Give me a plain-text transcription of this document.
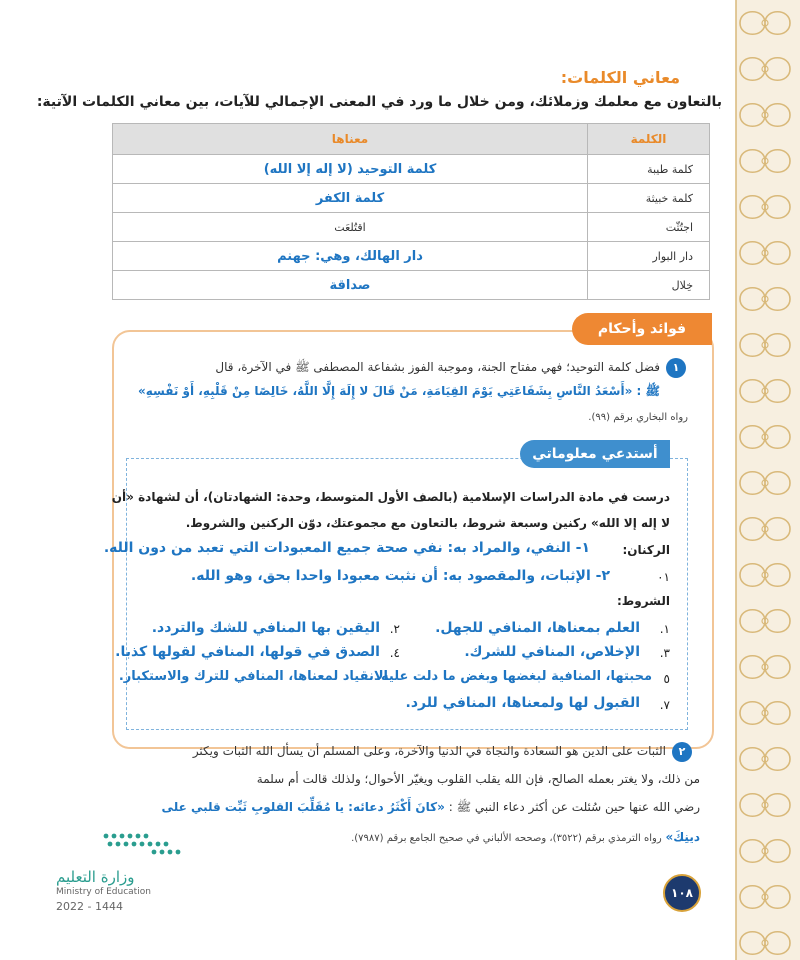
معاني الكلمات:
بالتعاون مع معلمك وزملائك، ومن خلال ما ورد في المعنى الإجمالي للآيات، بين معاني الكلمات الآتية:
الكلمة	معناها
كلمة طيبة	كلمة التوحيد (لا إله إلا الله)
كلمة خبيثة	كلمة الكفر
اجتُثّت	اقتُلعَت
دار البوار	دار الهالك، وهي: جهنم
خِلال	صداقة
فوائد وأحكام
١
فضل كلمة التوحيد؛ فهي مفتاح الجنة، وموجبة الفوز بشفاعة المصطفى ﷺ في الآخرة، قال
ﷺ : «أَسْعَدُ النَّاسِ بِشَفَاعَتِي يَوْمَ القِيَامَةِ، مَنْ قَالَ لا إِلَهَ إِلَّا اللَّهُ، خَالِصًا مِنْ قَلْبِهِ، أَوْ نَفْسِهِ»
رواه البخاري برقم (٩٩).
أستدعي معلوماتي
درست في مادة الدراسات الإسلامية (بالصف الأول المتوسط، وحدة: الشهادتان)، أن لشهادة «أن
لا إله إلا الله» ركنين وسبعة شروط، بالتعاون مع مجموعتك، دوّن الركنين والشروط.
الركنان:
١- النفي، والمراد به: نفي صحة جميع المعبودات التي تعبد من دون الله.
٠١
٢- الإثبات، والمقصود به: أن نثبت معبودا واحدا بحق، وهو الله.
الشروط:
١.
العلم بمعناها، المنافي للجهل.
٢.
اليقين بها المنافي للشك والتردد.
٣.
الإخلاص، المنافي للشرك.
٤.
الصدق في قولها، المنافي لقولها كذبا.
٥
محبتها، المنافية لبغضها وبغض ما دلت عليه.
الانقياد لمعناها، المنافي للترك والاستكبار.
٧.
القبول لها ولمعناها، المنافي للرد.
٢
الثبات على الدين هو السعادة والنجاة في الدنيا والآخرة، وعلى المسلم أن يسأل الله الثبات ويكثر
من ذلك، ولا يغتر بعمله الصالح، فإن الله يقلب القلوب ويغيّر الأحوال؛ ولذلك قالت أم سلمة
رضي الله عنها حين سُئلت عن أكثر دعاء النبي ﷺ : «كانَ أَكْثَرُ دعائه: يا مُقَلِّبَ القلوبِ ثَبِّت قلبي على
دينِكَ» رواه الترمذي برقم (٣٥٢٢)، وصححه الألباني في صحيح الجامع برقم (٧٩٨٧).
وزارة التعليم
Ministry of Education
2022 - 1444
١٠٨
